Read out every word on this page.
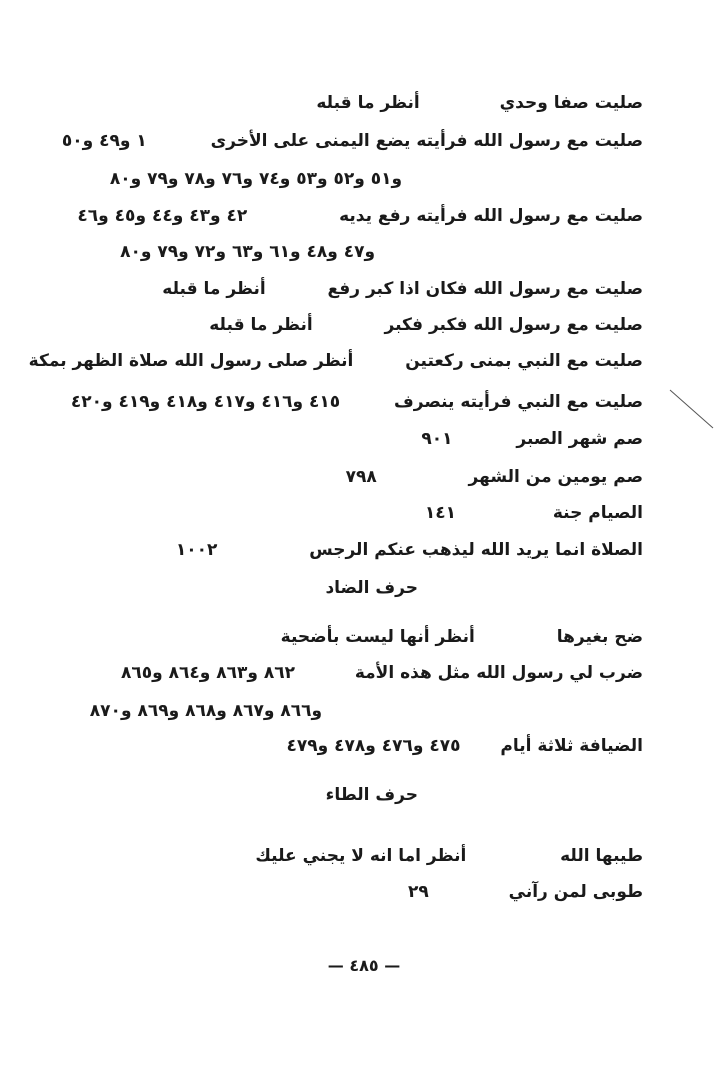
صليت صفا وحدي  أنظر ما قبله
صليت مع رسول الله فرأيته يضع اليمنى على الأخرى  ١ و٤٩ و٥٠
و٥١ و٥٢ و٥٣ و٧٤ و٧٦ و٧٨ و٧٩ و٨٠
صليت مع رسول الله فرأيته رفع يديه  ٤٢ و٤٣ و٤٤ و٤٥ و٤٦
و٤٧ و٤٨ و٦١ و٦٣ و٧٢ و٧٩ و٨٠
صليت مع رسول الله فكان اذا كبر رفع  أنظر ما قبله
صليت مع رسول الله فكبر فكبر  أنظر ما قبله
صليت مع النبي بمنى ركعتين  أنظر صلى رسول الله صلاة الظهر بمكة
صليت مع النبي فرأيته ينصرف  ٤١٥ و٤١٦ و٤١٧ و٤١٨ و٤١٩ و٤٢٠
صم شهر الصبر  ٩٠١
صم يومين من الشهر  ٧٩٨
الصيام جنة  ١٤١
الصلاة انما يريد الله ليذهب عنكم الرجس  ١٠٠٢
حرف الضاد
ضح بغيرها  أنظر أنها ليست بأضحية
ضرب لي رسول الله مثل هذه الأمة  ٨٦٢ و٨٦٣ و٨٦٤ و٨٦٥
و٨٦٦ و٨٦٧ و٨٦٨ و٨٦٩ و٨٧٠
الضيافة ثلاثة أيام  ٤٧٥ و٤٧٦ و٤٧٨ و٤٧٩
حرف الطاء
طيبها الله  أنظر اما انه لا يجني عليك
طوبى لمن رآني  ٢٩
— ٤٨٥ —
